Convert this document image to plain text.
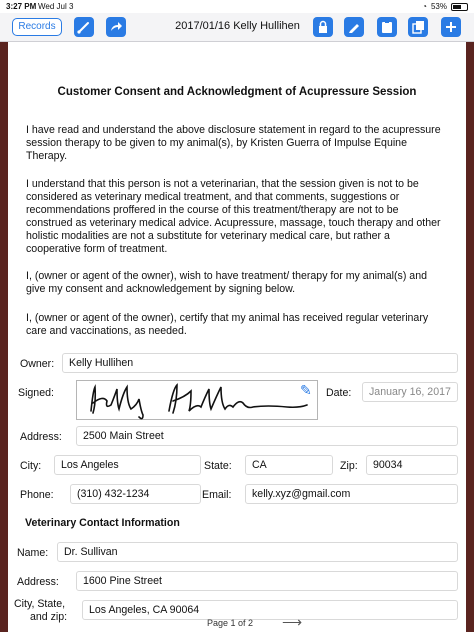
3:27 PM Wed Jul 3	◔ 53%
Records	2017/01/16 Kelly Hullihen
Customer Consent and Acknowledgment of Acupressure Session
I have read and understand the above disclosure statement in regard to the acupressure session therapy to be given to my animal(s), by Kristen Guerra of Impulse Equine Therapy.
I understand that this person is not a veterinarian, that the session given is not to be considered as veterinary medical treatment, and that comments, suggestions or recommendations proffered in the course of this treatment/therapy are not to be construed as veterinary medical advice. Acupressure, massage, touch therapy and other holistic modalities are not a substitute for veterinary medical care, but rather a cooperative form of treatment.
I, (owner or agent of the owner), wish to have treatment/ therapy for my animal(s) and give my consent and acknowledgement by signing below.
I, (owner or agent of the owner), certify that my animal has received regular veterinary care and vaccinations, as needed.
Owner:	Kelly Hullihen
Signed:	✎ Date:	January 16, 2017
Address:	2500 Main Street
City:	Los Angeles	State:	CA	Zip:	90034
Phone:	(310) 432-1234	Email:	kelly.xyz@gmail.com
Veterinary Contact Information
Name:	Dr. Sullivan
Address:	1600 Pine Street
City, State,
and zip:
Los Angeles, CA 90064
Page 1 of 2 ⟶
